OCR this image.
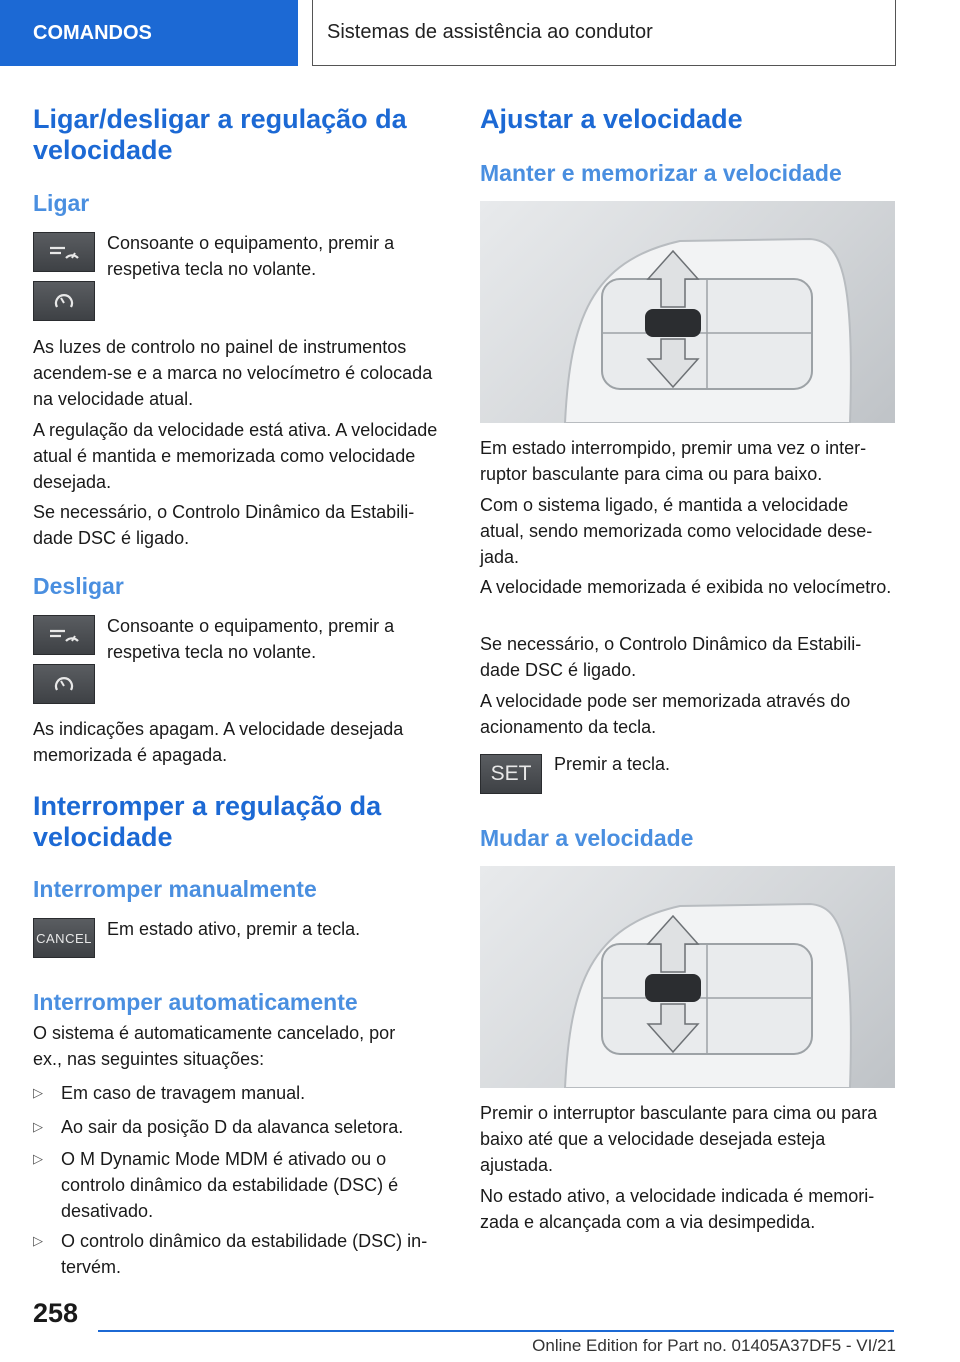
COMANDOS	Sistemas de assistência ao condutor
Ligar/desligar a regulação da velocidade
Ligar

Consoante o equipamento, premir a respetiva tecla no volante.

As luzes de controlo no painel de instrumentos acendem-se e a marca no velocímetro é colocada na velocidade atual.

A regulação da velocidade está ativa. A velocidade atual é mantida e memorizada como velocidade desejada.

Se necessário, o Controlo Dinâmico da Estabilidade DSC é ligado.

Desligar

Consoante o equipamento, premir a respetiva tecla no volante.

As indicações apagam. A velocidade desejada memorizada é apagada.

Interromper a regulação da velocidade
Interromper manualmente
CANCEL Em estado ativo, premir a tecla.

Interromper automaticamente

O sistema é automaticamente cancelado, por ex., nas seguintes situações:

▷ Em caso de travagem manual.
▷ Ao sair da posição D da alavanca seletora.
▷ O M Dynamic Mode MDM é ativado ou o controlo dinâmico da estabilidade (DSC) é desativado.
▷ O controlo dinâmico da estabilidade (DSC) intervém.
Ajustar a velocidade
Manter e memorizar a velocidade

Em estado interrompido, premir uma vez o interruptor basculante para cima ou para baixo.

Com o sistema ligado, é mantida a velocidade atual, sendo memorizada como velocidade desejada.

A velocidade memorizada é exibida no velocímetro.

Se necessário, o Controlo Dinâmico da Estabilidade DSC é ligado.

A velocidade pode ser memorizada através do acionamento da tecla.

SET Premir a tecla.

Mudar a velocidade

Premir o interruptor basculante para cima ou para baixo até que a velocidade desejada esteja ajustada.

No estado ativo, a velocidade indicada é memorizada e alcançada com a via desimpedida.

258
Online Edition for Part no. 01405A37DF5 - VI/21
